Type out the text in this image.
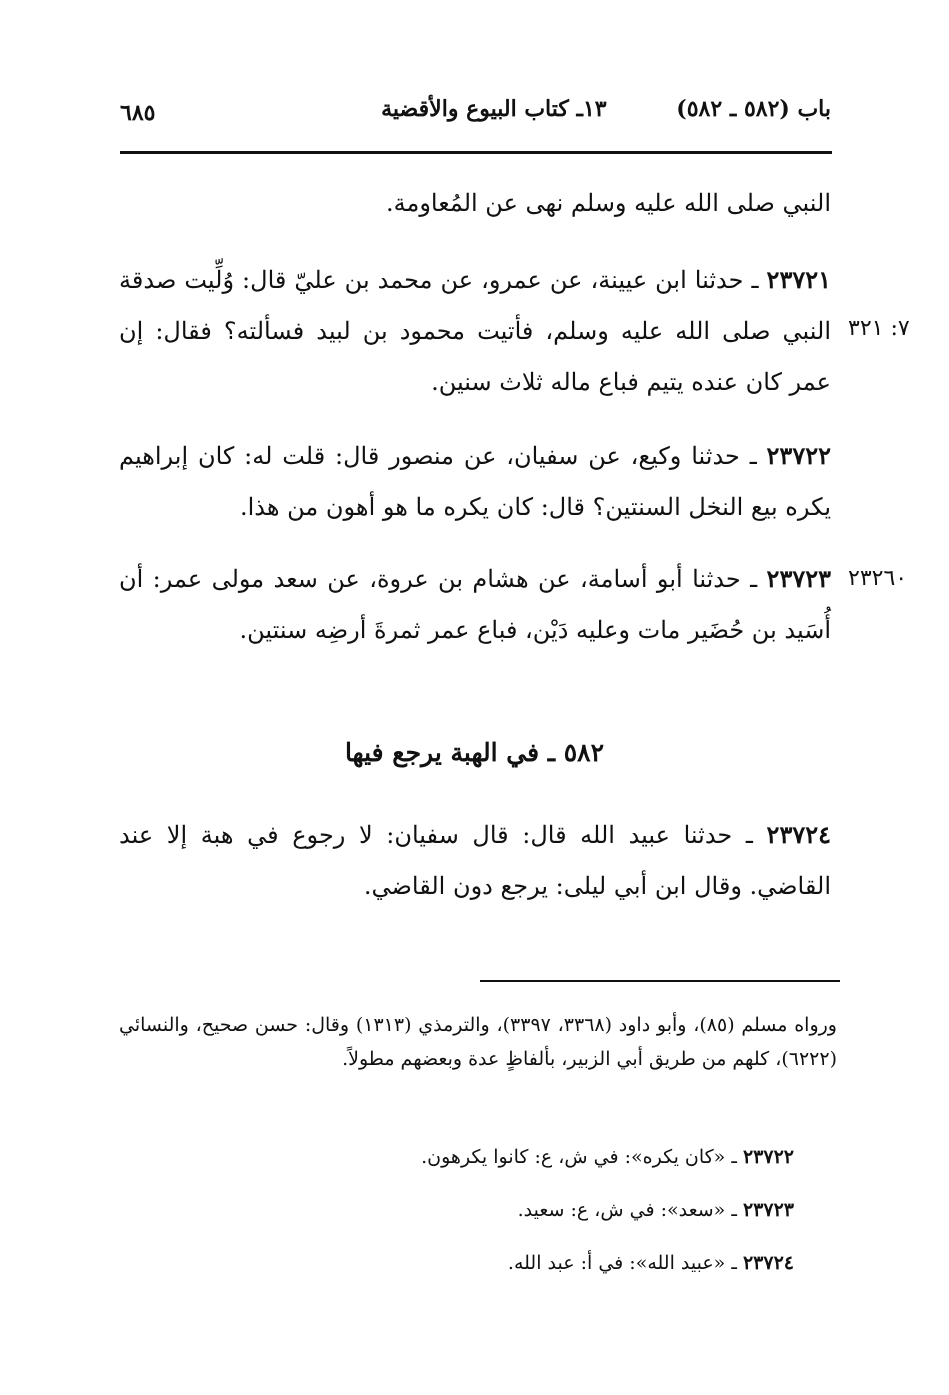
باب (٥٨٢ ـ ٥٨٢) ١٣ـ كتاب البيوع والأقضية
٦٨٥
النبي صلى الله عليه وسلم نهى عن المُعاومة.
٢٣٧٢١ ـ حدثنا ابن عيينة، عن عمرو، عن محمد بن عليّ قال: وُلِّيت صدقة النبي صلى الله عليه وسلم، فأتيت محمود بن لبيد فسألته؟ فقال: إن عمر كان عنده يتيم فباع ماله ثلاث سنين.
٧: ٣٢١
٢٣٧٢٢ ـ حدثنا وكيع، عن سفيان، عن منصور قال: قلت له: كان إبراهيم يكره بيع النخل السنتين؟ قال: كان يكره ما هو أهون من هذا.
٢٣٧٢٣ ـ حدثنا أبو أسامة، عن هشام بن عروة، عن سعد مولى عمر: أن أُسَيد بن حُضَير مات وعليه دَيْن، فباع عمر ثمرةَ أرضِه سنتين.
٢٣٢٦٠
٥٨٢ ـ في الهبة يرجع فيها
٢٣٧٢٤ ـ حدثنا عبيد الله قال: قال سفيان: لا رجوع في هبة إلا عند القاضي. وقال ابن أبي ليلى: يرجع دون القاضي.
ورواه مسلم (٨٥)، وأبو داود (٣٣٦٨، ٣٣٩٧)، والترمذي (١٣١٣) وقال: حسن صحيح، والنسائي (٦٢٢٢)، كلهم من طريق أبي الزبير، بألفاظٍ عدة وبعضهم مطولاً.
٢٣٧٢٢ ـ «كان يكره»: في ش، ع: كانوا يكرهون.
٢٣٧٢٣ ـ «سعد»: في ش، ع: سعيد.
٢٣٧٢٤ ـ «عبيد الله»: في أ: عبد الله.
